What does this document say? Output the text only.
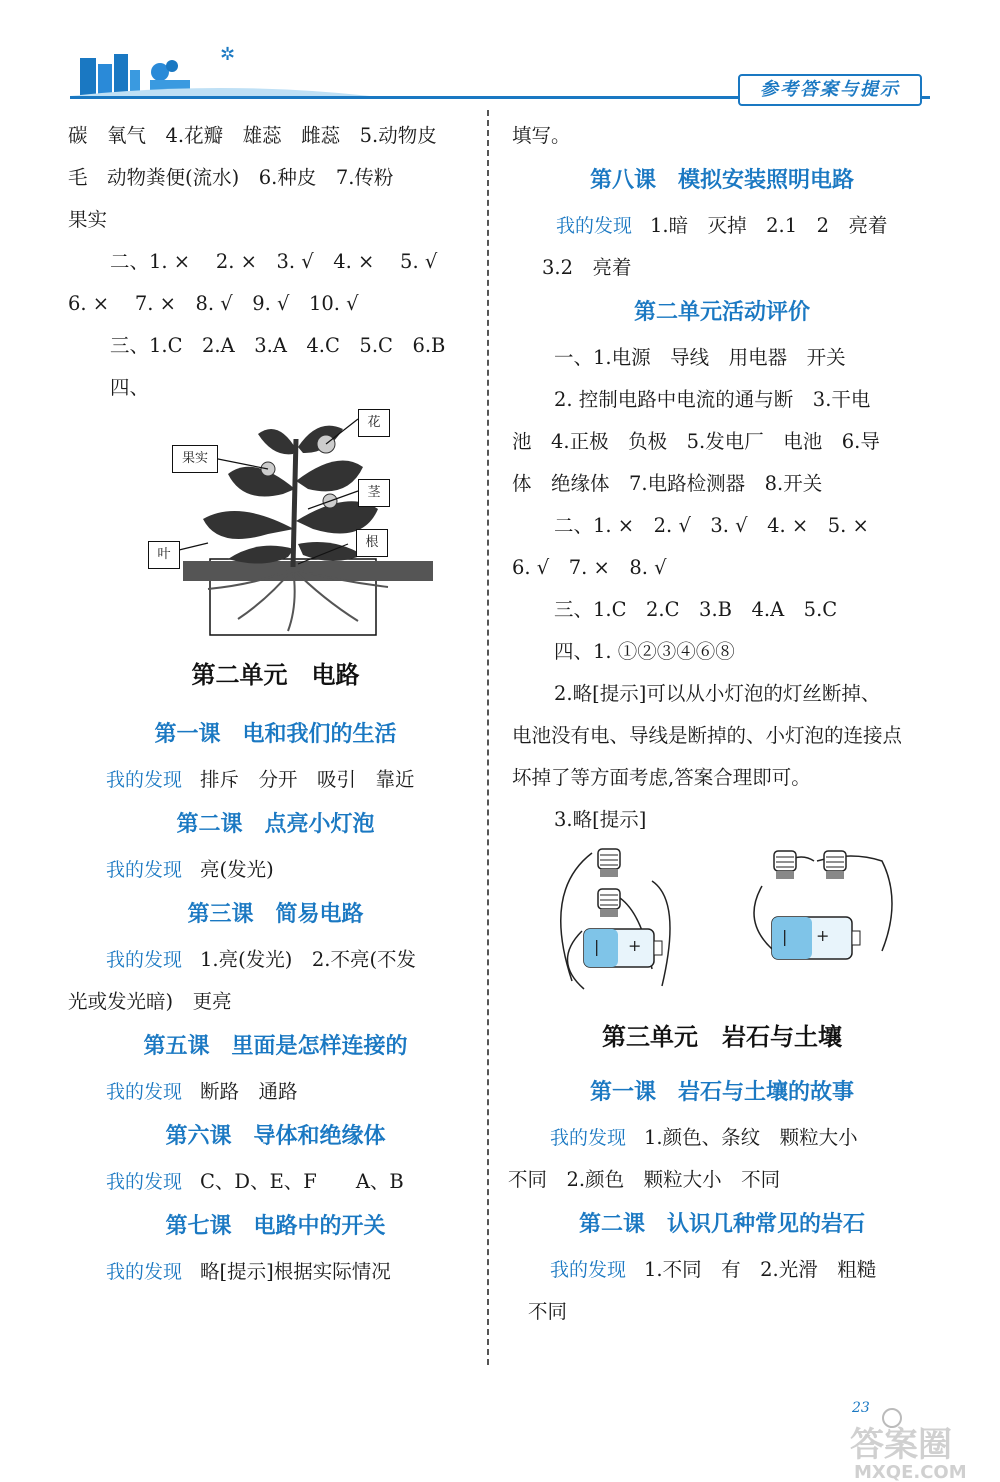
✲
参考答案与提示

碳　氧气　4.花瓣　雄蕊　雌蕊　5.动物皮

毛　动物粪便(流水)　6.种皮　7.传粉

果实

二、1. ×　 2. ×　3. √　4. ×　 5. √

6. ×　 7. ×　8. √　9. √　10. √

三、1.C　2.A　3.A　4.C　5.C　6.B

四、

花
果实
茎
叶
根

第二单元　电路

第一课　电和我们的生活

我的发现 排斥　分开　吸引　靠近

第二课　点亮小灯泡

我的发现 亮(发光)

第三课　简易电路

我的发现 1.亮(发光)　2.不亮(不发

光或发光暗)　更亮

第五课　里面是怎样连接的

我的发现 断路　通路

第六课　导体和绝缘体

我的发现 C、D、E、F　　A、B

第七课　电路中的开关

我的发现 略[提示]根据实际情况

填写。

第八课　模拟安装照明电路

我的发现 1.暗　灭掉　2.1　2　亮着

3.2　亮着

第二单元活动评价

一、1.电源　导线　用电器　开关

2. 控制电路中电流的通与断　3.干电

池　4.正极　负极　5.发电厂　电池　6.导

体　绝缘体　7.电路检测器　8.开关

二、1. ×　2. √　3. √　4. ×　5. ×

6. √　7. ×　8. √

三、1.C　2.C　3.B　4.A　5.C

四、1. ①②③④⑥⑧

2.略[提示]可以从小灯泡的灯丝断掉、

电池没有电、导线是断掉的、小灯泡的连接点

坏掉了等方面考虑,答案合理即可。

3.略[提示]

| +	| +

第三单元　岩石与土壤

第一课　岩石与土壤的故事

我的发现 1.颜色、条纹　颗粒大小

不同　2.颜色　颗粒大小　不同

第二课　认识几种常见的岩石

我的发现 1.不同　有　2.光滑　粗糙

不同

23
答案圈
MXQE.COM
